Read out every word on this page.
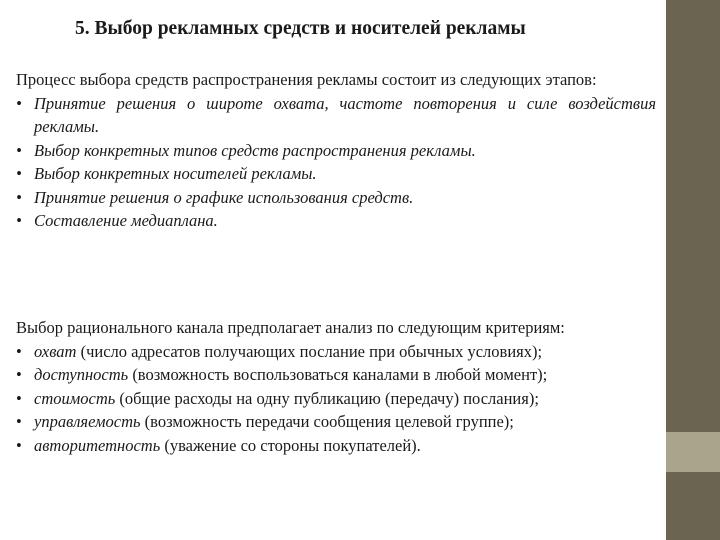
5. Выбор рекламных средств и носителей рекламы
Процесс выбора средств распространения рекламы состоит из следующих этапов:
• Принятие решения о широте охвата, частоте повторения и силе воздействия рекламы.
• Выбор конкретных типов средств распространения рекламы.
• Выбор конкретных носителей рекламы.
• Принятие решения о графике использования средств.
• Составление медиаплана.
Выбор рационального канала предполагает анализ по следующим критериям:
• охват (число адресатов получающих послание при обычных условиях);
• доступность (возможность воспользоваться каналами в любой момент);
• стоимость (общие расходы на одну публикацию (передачу) послания);
• управляемость (возможность передачи сообщения целевой группе);
• авторитетность (уважение со стороны покупателей).
